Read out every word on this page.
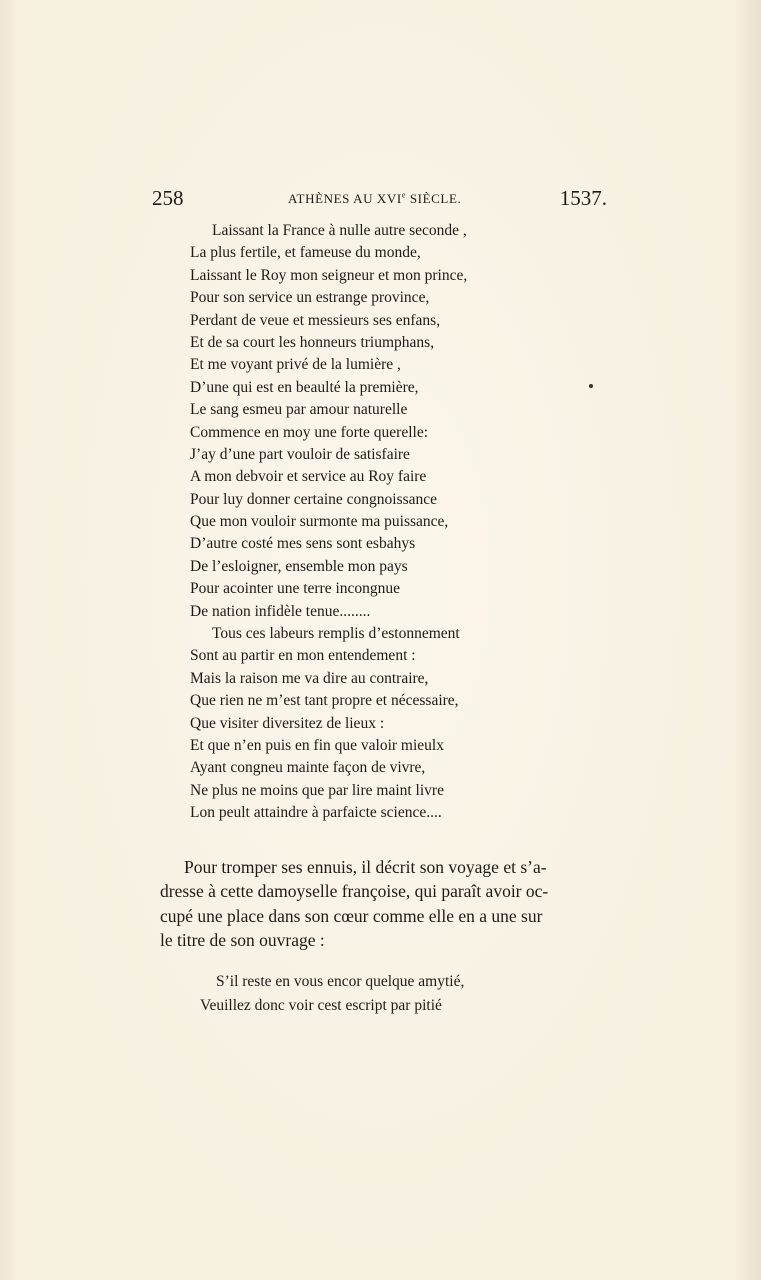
258	ATHÈNES AU XVIe SIÈCLE.	1537.
Laissant la France à nulle autre seconde ,
La plus fertile, et fameuse du monde,
Laissant le Roy mon seigneur et mon prince,
Pour son service un estrange province,
Perdant de veue et messieurs ses enfans,
Et de sa court les honneurs triumphans,
Et me voyant privé de la lumière ,
D’une qui est en beaulté la première,
Le sang esmeu par amour naturelle
Commence en moy une forte querelle:
J’ay d’une part vouloir de satisfaire
A mon debvoir et service au Roy faire
Pour luy donner certaine congnoissance
Que mon vouloir surmonte ma puissance,
D’autre costé mes sens sont esbahys
De l’esloigner, ensemble mon pays
Pour acointer une terre incongnue
De nation infidèle tenue........
Tous ces labeurs remplis d’estonnement
Sont au partir en mon entendement :
Mais la raison me va dire au contraire,
Que rien ne m’est tant propre et nécessaire,
Que visiter diversitez de lieux :
Et que n’en puis en fin que valoir mieulx
Ayant congneu mainte façon de vivre,
Ne plus ne moins que par lire maint livre
Lon peult attaindre à parfaicte science....
Pour tromper ses ennuis, il décrit son voyage et s’a-
dresse à cette damoyselle françoise, qui paraît avoir oc-
cupé une place dans son cœur comme elle en a une sur
le titre de son ouvrage :
S’il reste en vous encor quelque amytié,
Veuillez donc voir cest escript par pitié
